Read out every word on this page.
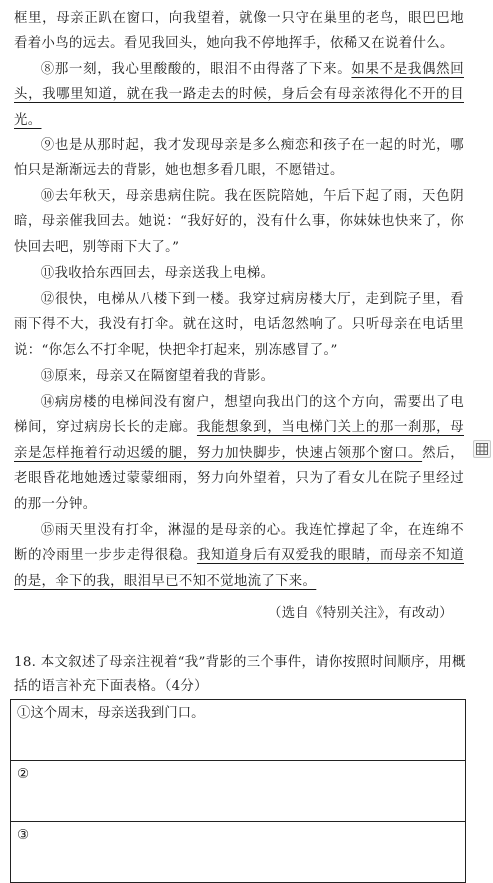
框里，母亲正趴在窗口，向我望着，就像一只守在巢里的老鸟，眼巴巴地看着小鸟的远去。看见我回头，她向我不停地挥手，依稀又在说着什么。

⑧那一刻，我心里酸酸的，眼泪不由得落了下来。如果不是我偶然回头，我哪里知道，就在我一路走去的时候，身后会有母亲浓得化不开的目光。

⑨也是从那时起，我才发现母亲是多么痴恋和孩子在一起的时光，哪怕只是渐渐远去的背影，她也想多看几眼，不愿错过。

⑩去年秋天，母亲患病住院。我在医院陪她，午后下起了雨，天色阴暗，母亲催我回去。她说：“我好好的，没有什么事，你妹妹也快来了，你快回去吧，别等雨下大了。”

⑪我收拾东西回去，母亲送我上电梯。

⑫很快，电梯从八楼下到一楼。我穿过病房楼大厅，走到院子里，看雨下得不大，我没有打伞。就在这时，电话忽然响了。只听母亲在电话里说：“你怎么不打伞呢，快把伞打起来，别冻感冒了。”

⑬原来，母亲又在隔窗望着我的背影。

⑭病房楼的电梯间没有窗户，想望向我出门的这个方向，需要出了电梯间，穿过病房长长的走廊。我能想象到，当电梯门关上的那一刹那，母亲是怎样拖着行动迟缓的腿，努力加快脚步，快速占领那个窗口。然后，老眼昏花地她透过蒙蒙细雨，努力向外望着，只为了看女儿在院子里经过的那一分钟。

⑮雨天里没有打伞，淋湿的是母亲的心。我连忙撑起了伞，在连绵不断的冷雨里一步步走得很稳。我知道身后有双爱我的眼睛，而母亲不知道的是，伞下的我，眼泪早已不知不觉地流了下来。

（选自《特别关注》，有改动）

18. 本文叙述了母亲注视着“我”背影的三个事件，请你按照时间顺序，用概括的语言补充下面表格。（4分）

①这个周末，母亲送我到门口。
②
③
